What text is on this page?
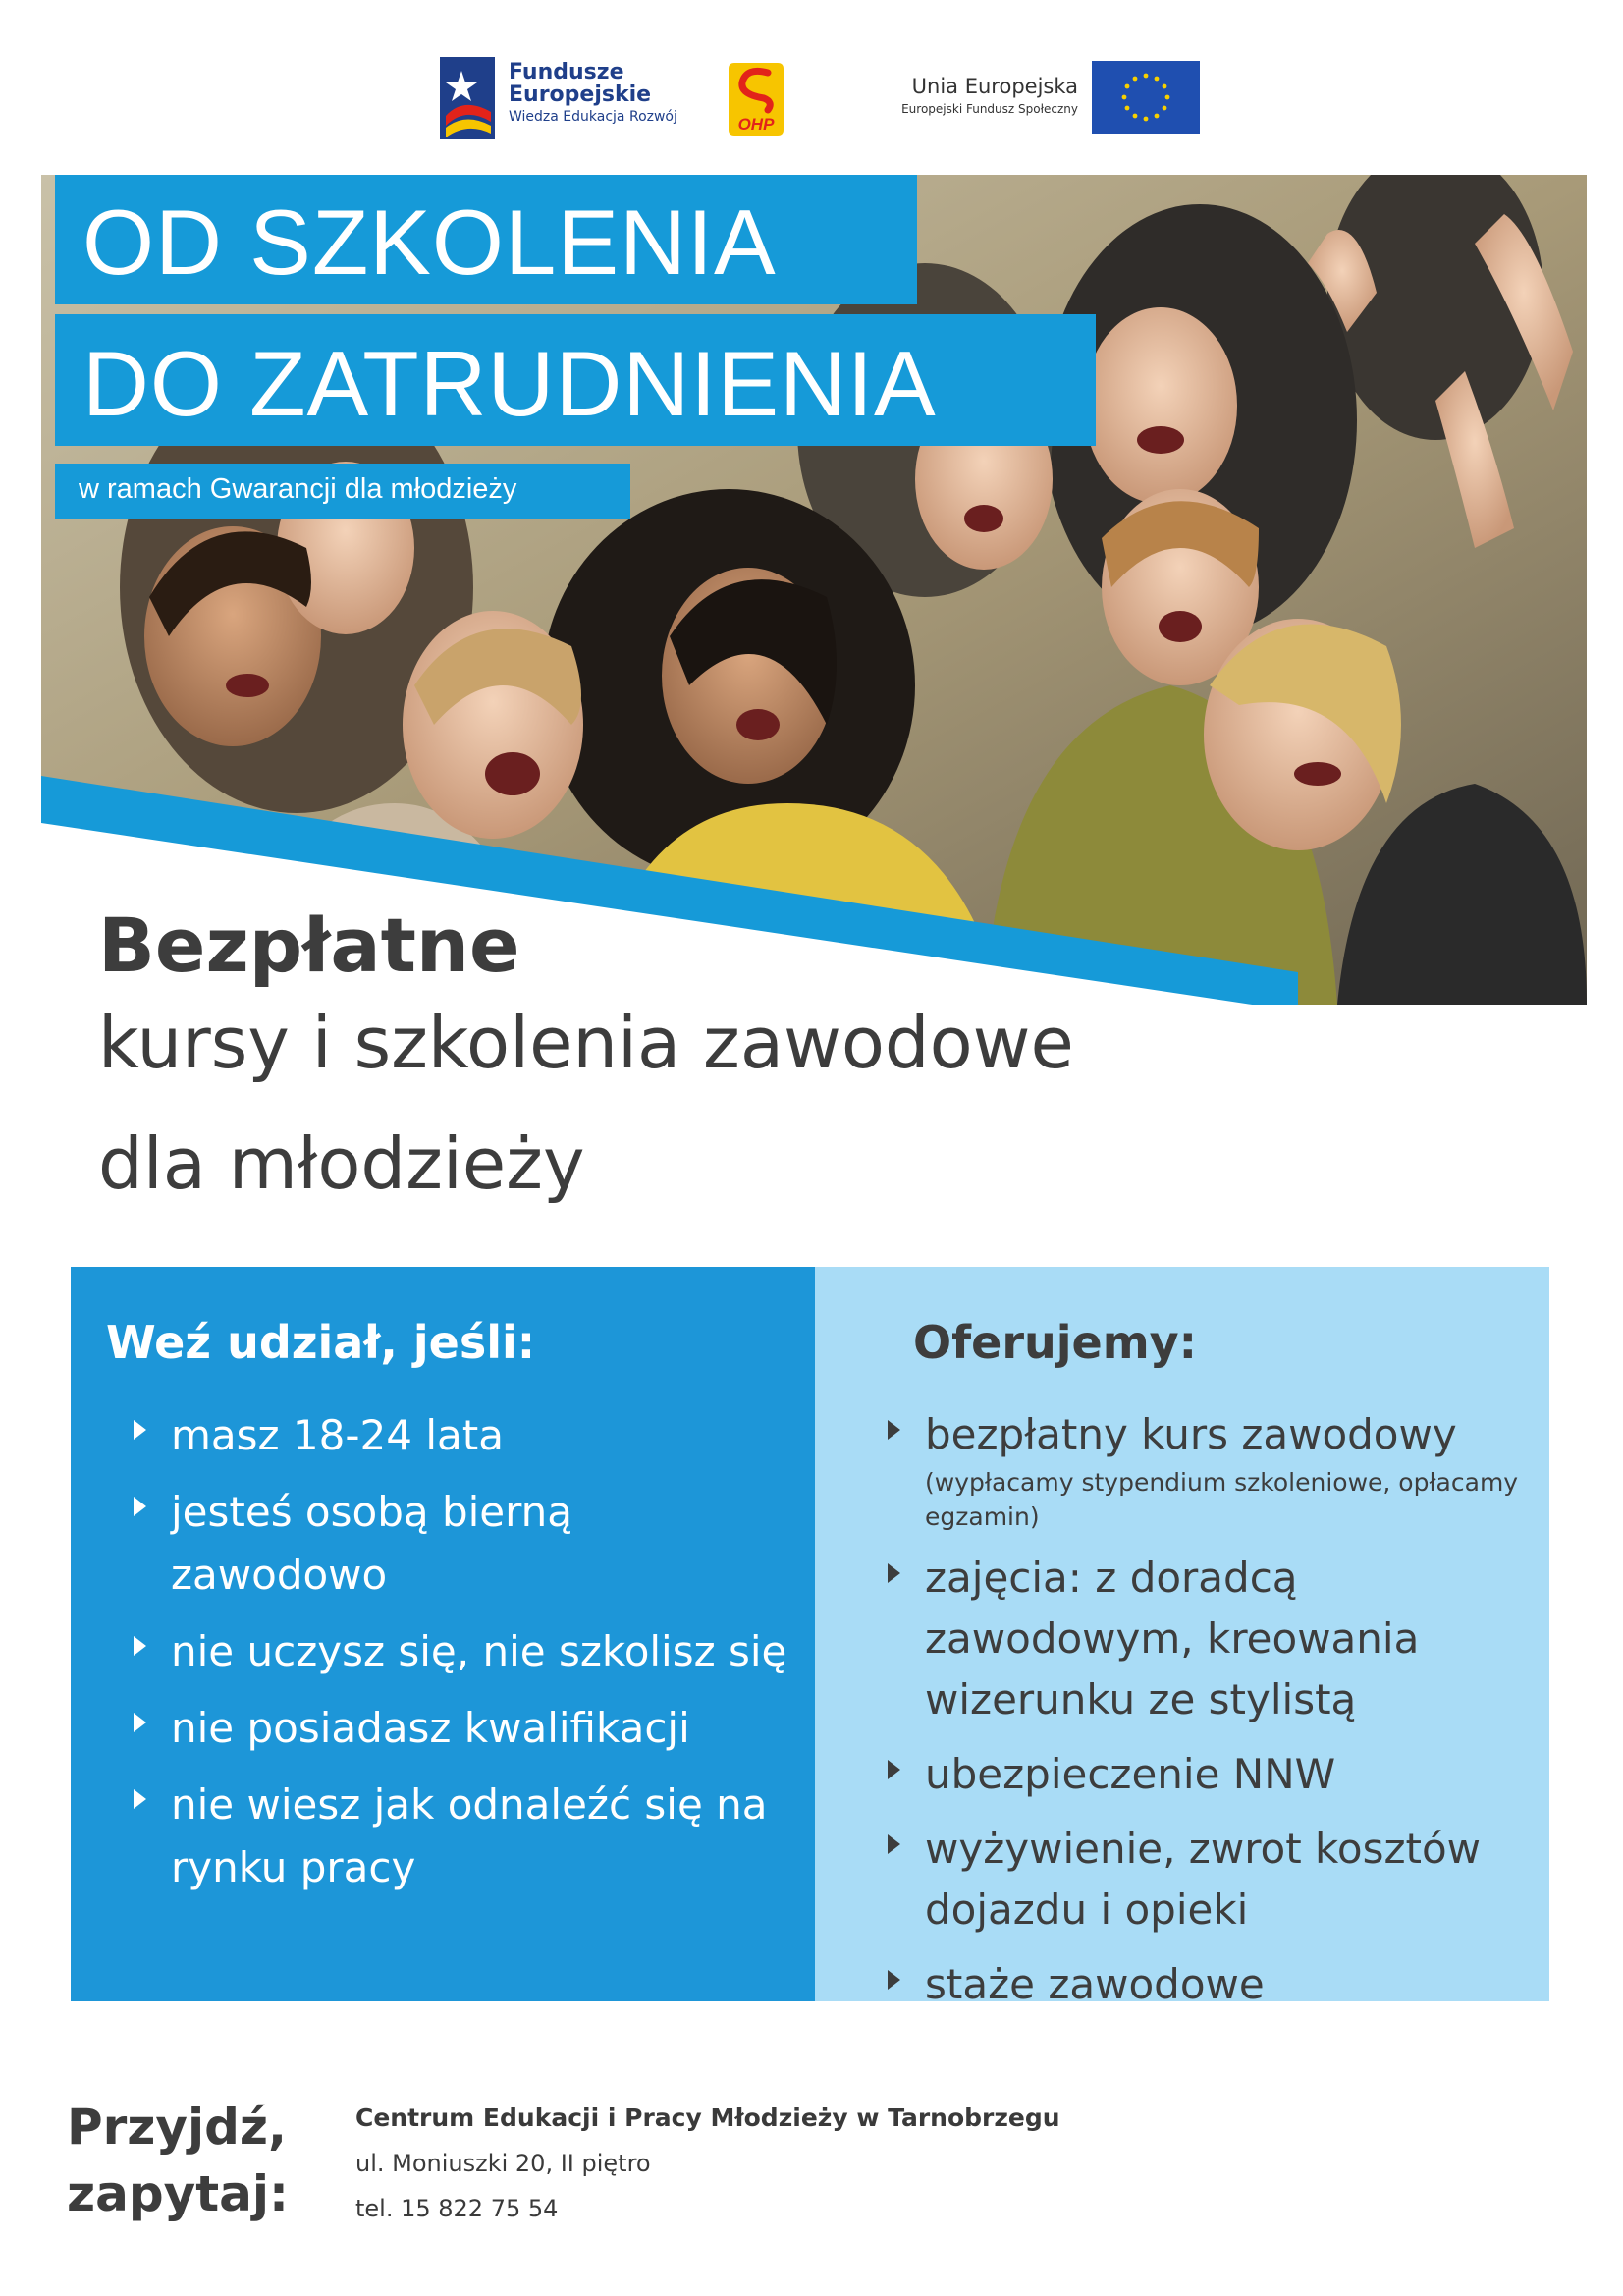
Fundusze
Europejskie
Wiedza Edukacja Rozwój	OHP
Unia Europejska
Europejski Fundusz Społeczny
OD SZKOLENIA
DO ZATRUDNIENIA
w ramach Gwarancji dla młodzieży
Bezpłatne
kursy i szkolenia zawodowe
dla młodzieży
Weź udział, jeśli:	Oferujemy:
masz 18-24 lata
jesteś osobą bierną zawodowo
nie uczysz się, nie szkolisz się
nie posiadasz kwalifikacji
nie wiesz jak odnaleźć się na rynku pracy
bezpłatny kurs zawodowy
(wypłacamy stypendium szkoleniowe, opłacamy egzamin)
zajęcia: z doradcą zawodowym, kreowania wizerunku ze stylistą
ubezpieczenie NNW
wyżywienie, zwrot kosztów dojazdu i opieki
staże zawodowe
Przyjdź,
zapytaj:
Centrum Edukacji i Pracy Młodzieży w Tarnobrzegu
ul. Moniuszki 20, II piętro
tel. 15 822 75 54
